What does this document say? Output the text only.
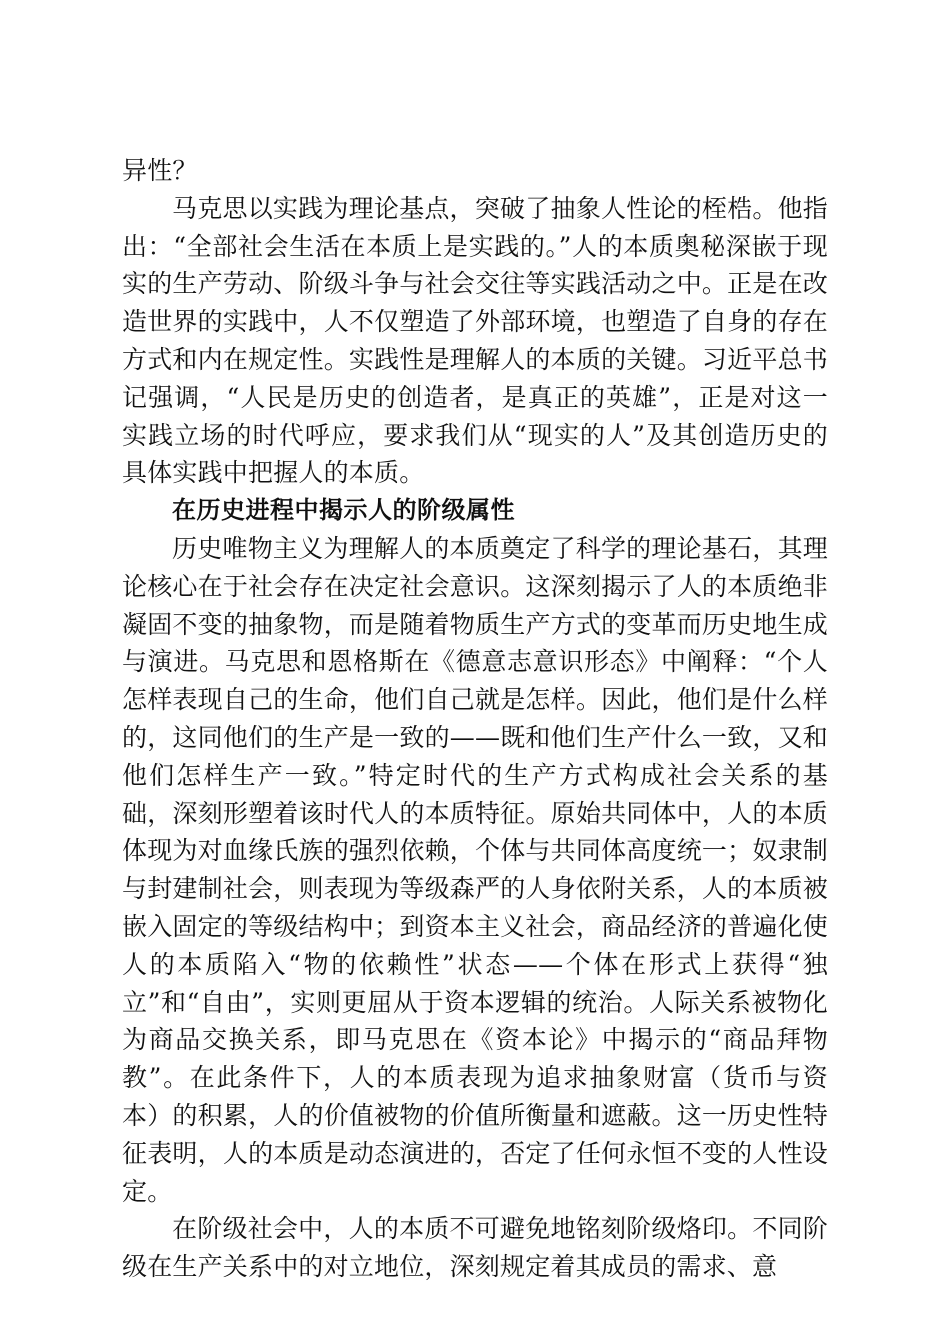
异性？

马克思以实践为理论基点，突破了抽象人性论的桎梏。他指出：“全部社会生活在本质上是实践的。”人的本质奥秘深嵌于现实的生产劳动、阶级斗争与社会交往等实践活动之中。正是在改造世界的实践中，人不仅塑造了外部环境，也塑造了自身的存在方式和内在规定性。实践性是理解人的本质的关键。习近平总书记强调，“人民是历史的创造者，是真正的英雄”，正是对这一实践立场的时代呼应，要求我们从“现实的人”及其创造历史的具体实践中把握人的本质。

在历史进程中揭示人的阶级属性

历史唯物主义为理解人的本质奠定了科学的理论基石，其理论核心在于社会存在决定社会意识。这深刻揭示了人的本质绝非凝固不变的抽象物，而是随着物质生产方式的变革而历史地生成与演进。马克思和恩格斯在《德意志意识形态》中阐释：“个人怎样表现自己的生命，他们自己就是怎样。因此，他们是什么样的，这同他们的生产是一致的——既和他们生产什么一致，又和他们怎样生产一致。”特定时代的生产方式构成社会关系的基础，深刻形塑着该时代人的本质特征。原始共同体中，人的本质体现为对血缘氏族的强烈依赖，个体与共同体高度统一；奴隶制与封建制社会，则表现为等级森严的人身依附关系，人的本质被嵌入固定的等级结构中；到资本主义社会，商品经济的普遍化使人的本质陷入“物的依赖性”状态——个体在形式上获得“独立”和“自由”，实则更屈从于资本逻辑的统治。人际关系被物化为商品交换关系，即马克思在《资本论》中揭示的“商品拜物教”。在此条件下，人的本质表现为追求抽象财富（货币与资本）的积累，人的价值被物的价值所衡量和遮蔽。这一历史性特征表明，人的本质是动态演进的，否定了任何永恒不变的人性设定。

在阶级社会中，人的本质不可避免地铭刻阶级烙印。不同阶级在生产关系中的对立地位，深刻规定着其成员的需求、意
